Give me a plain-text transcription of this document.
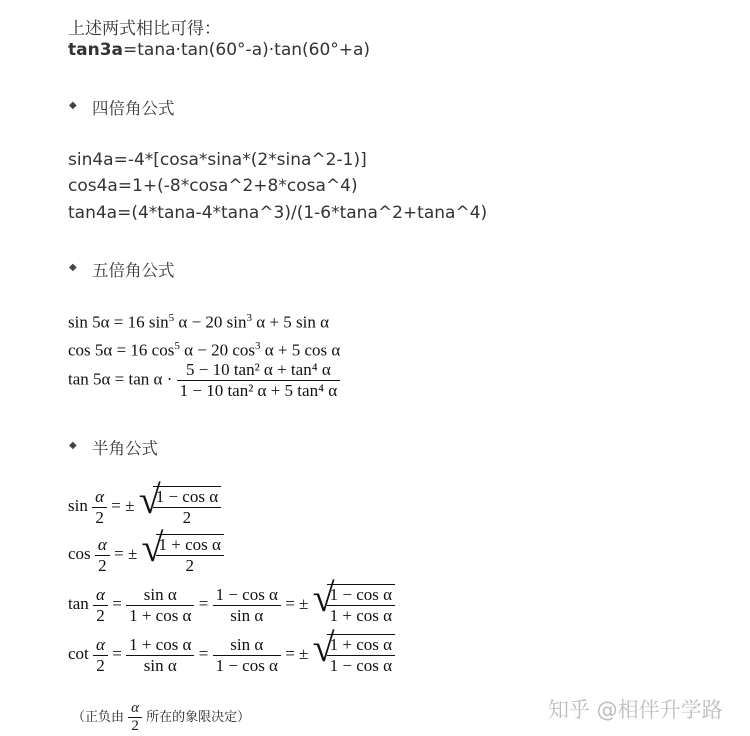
上述两式相比可得：
tan3a=tana·tan(60°-a)·tan(60°+a)
◆ 四倍角公式
sin4a=-4*[cosa*sina*(2*sina^2-1)]
cos4a=1+(-8*cosa^2+8*cosa^4)
tan4a=(4*tana-4*tana^3)/(1-6*tana^2+tana^4)
◆ 五倍角公式
sin 5α = 16 $\sin^5 \alpha - 20$ $\sin^3 \alpha + 5$ sin α
cos 5α = 16 $\cos^5 \alpha - 20$ $\cos^3 \alpha + 5$ cos α
$\tan 5\alpha = \tan \alpha \cdot \frac{\text{5 − 10 tan² α + tan⁴ α}}{\text{1 − 10 tan² α + 5 tan⁴ α}}$
◆ 半角公式
$\sin \frac{\alpha}{2}$ = ± √
$\frac{\text{1 − cos α}}{2}$
$\cos \frac{\alpha}{2}$ = ± √
$\frac{\text{1 + cos α}}{2}$
$\tan \frac{\alpha}{2} = \frac{\text{sin α}}{\text{1 + cos α}} = \frac{\text{1 − cos α}}{\text{sin α}}$ = ± √
$\frac{\text{1 − cos α}}{\text{1 + cos α}}$
$\cot \frac{\alpha}{2} = \frac{\text{1 + cos α}}{\text{sin α}} = \frac{\text{sin α}}{\text{1 − cos α}}$ = ± √
$\frac{\text{1 + cos α}}{\text{1 − cos α}}$
（正负由 $\frac{\alpha}{2}$ 所在的象限决定）	知乎 @相伴升学路
